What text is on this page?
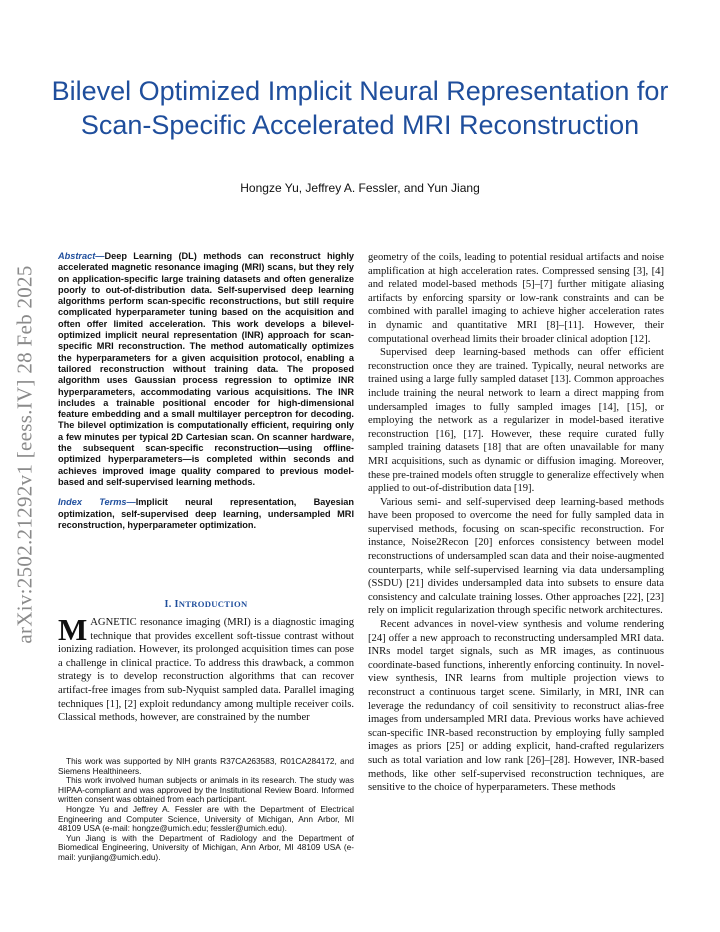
Bilevel Optimized Implicit Neural Representation for Scan-Specific Accelerated MRI Reconstruction
Hongze Yu, Jeffrey A. Fessler, and Yun Jiang
arXiv:2502.21292v1 [eess.IV] 28 Feb 2025

Abstract—Deep Learning (DL) methods can reconstruct highly accelerated magnetic resonance imaging (MRI) scans, but they rely on application-specific large training datasets and often generalize poorly to out-of-distribution data. Self-supervised deep learning algorithms perform scan-specific reconstructions, but still require complicated hyperparameter tuning based on the acquisition and often offer limited acceleration. This work develops a bilevel-optimized implicit neural representation (INR) approach for scan-specific MRI reconstruction. The method automatically optimizes the hyperparameters for a given acquisition protocol, enabling a tailored reconstruction without training data. The proposed algorithm uses Gaussian process regression to optimize INR hyperparameters, accommodating various acquisitions. The INR includes a trainable positional encoder for high-dimensional feature embedding and a small multilayer perceptron for decoding. The bilevel optimization is computationally efficient, requiring only a few minutes per typical 2D Cartesian scan. On scanner hardware, the subsequent scan-specific reconstruction—using offline-optimized hyperparameters—is completed within seconds and achieves improved image quality compared to previous model-based and self-supervised learning methods.

Index Terms—Implicit neural representation, Bayesian optimization, self-supervised deep learning, undersampled MRI reconstruction, hyperparameter optimization.

I. INTRODUCTION

MAGNETIC resonance imaging (MRI) is a diagnostic imaging technique that provides excellent soft-tissue contrast without ionizing radiation. However, its prolonged acquisition times can pose a challenge in clinical practice. To address this drawback, a common strategy is to develop reconstruction algorithms that can recover artifact-free images from sub-Nyquist sampled data. Parallel imaging techniques [1], [2] exploit redundancy among multiple receiver coils. Classical methods, however, are constrained by the number

This work was supported by NIH grants R37CA263583, R01CA284172, and Siemens Healthineers.

This work involved human subjects or animals in its research. The study was HIPAA-compliant and was approved by the Institutional Review Board. Informed written consent was obtained from each participant.

Hongze Yu and Jeffrey A. Fessler are with the Department of Electrical Engineering and Computer Science, University of Michigan, Ann Arbor, MI 48109 USA (e-mail: hongze@umich.edu; fessler@umich.edu).

Yun Jiang is with the Department of Radiology and the Department of Biomedical Engineering, University of Michigan, Ann Arbor, MI 48109 USA (e-mail: yunjiang@umich.edu).

geometry of the coils, leading to potential residual artifacts and noise amplification at high acceleration rates. Compressed sensing [3], [4] and related model-based methods [5]–[7] further mitigate aliasing artifacts by enforcing sparsity or low-rank constraints and can be combined with parallel imaging to achieve higher acceleration rates in dynamic and quantitative MRI [8]–[11]. However, their computational overhead limits their broader clinical adoption [12].

Supervised deep learning-based methods can offer efficient reconstruction once they are trained. Typically, neural networks are trained using a large fully sampled dataset [13]. Common approaches include training the neural network to learn a direct mapping from undersampled images to fully sampled images [14], [15], or employing the network as a regularizer in model-based iterative reconstruction [16], [17]. However, these require curated fully sampled training datasets [18] that are often unavailable for many MRI acquisitions, such as dynamic or diffusion imaging. Moreover, these pre-trained models often struggle to generalize effectively when applied to out-of-distribution data [19].

Various semi- and self-supervised deep learning-based methods have been proposed to overcome the need for fully sampled data in supervised methods, focusing on scan-specific reconstruction. For instance, Noise2Recon [20] enforces consistency between model reconstructions of undersampled scan data and their noise-augmented counterparts, while self-supervised learning via data undersampling (SSDU) [21] divides undersampled data into subsets to ensure data consistency and calculate training losses. Other approaches [22], [23] rely on implicit regularization through specific network architectures.

Recent advances in novel-view synthesis and volume rendering [24] offer a new approach to reconstructing undersampled MRI data. INRs model target signals, such as MR images, as continuous coordinate-based functions, inherently enforcing continuity. In novel-view synthesis, INR learns from multiple projection views to reconstruct a continuous target scene. Similarly, in MRI, INR can leverage the redundancy of coil sensitivity to reconstruct alias-free images from undersampled MRI data. Previous works have achieved scan-specific INR-based reconstruction by employing fully sampled images as priors [25] or adding explicit, hand-crafted regularizers such as total variation and low rank [26]–[28]. However, INR-based methods, like other self-supervised reconstruction techniques, are sensitive to the choice of hyperparameters. These methods
